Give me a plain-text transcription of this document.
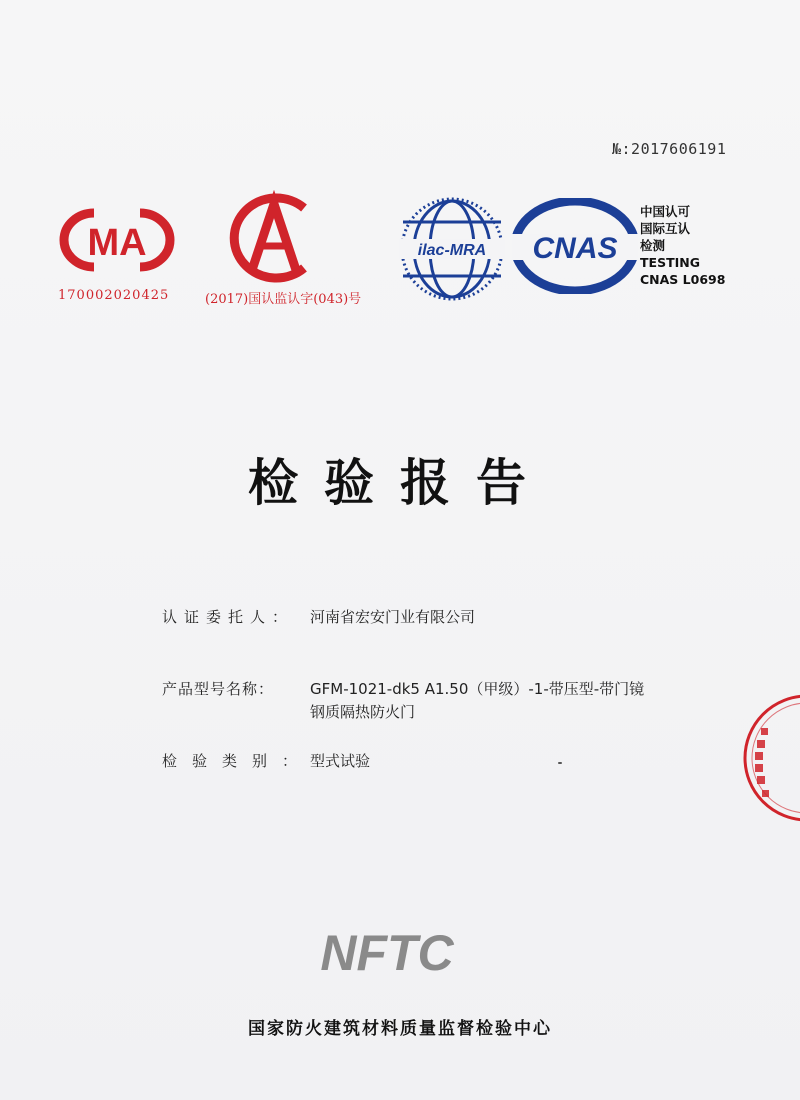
№:2017606191
MA
170002020425
AL
(2017)国认监认字(043)号
ilac-MRA CNAS
中国认可
国际互认
检测
TESTING
CNAS L0698
检验报告
认证委托人： 河南省宏安门业有限公司
产品型号名称： GFM-1021-dk5 A1.50（甲级）-1-带压型-带门镜
钢质隔热防火门
检验类别：
型式试验
NFTC
国家防火建筑材料质量监督检验中心
